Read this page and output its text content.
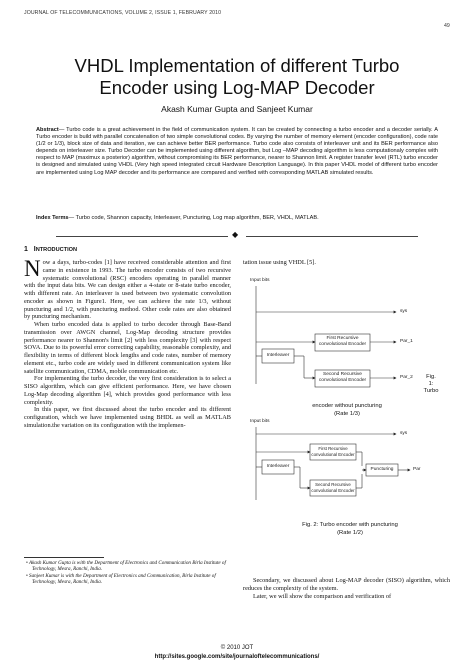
JOURNAL OF TELECOMMUNICATIONS, VOLUME 2, ISSUE 1, FEBRUARY 2010
49
VHDL Implementation of different Turbo
Encoder using Log-MAP Decoder
Akash Kumar Gupta and Sanjeet Kumar
Abstract— Turbo code is a great achievement in the field of communication system. It can be created by connecting a turbo encoder and a decoder serially. A Turbo encoder is build with parallel concatenation of two simple convolutional codes. By varying the number of memory element (encoder configuration), code rate (1/2 or 1/3), block size of data and iteration, we can achieve better BER performance. Turbo code also consists of interleaver unit and its BER performance also depends on interleaver size. Turbo Decoder can be implemented using different algorithm, but Log –MAP decoding algorithm is less computationaly complex with respect to MAP (maximux a posterior) algorithm, without compromising its BER performance, nearer to Shannon limit. A register transfer level (RTL) turbo encoder is designed and simulated using VHDL (Very high speed integrated circuit Hardware Description Language). In this paper VHDL model of different turbo encoder are implemented using Log MAP decoder and its performance are compared and verified with corresponding MATLAB simulated results.
Index Terms— Turbo code, Shannon capacity, Interleaver, Puncturing, Log map algorithm, BER, VHDL, MATLAB.
◆
1 INTRODUCTION

Now a days, turbo-codes [1] have received considerable attention and first came in existence in 1993. The turbo encoder consists of two recursive systematic convolutional (RSC) encoders operating in parallel manner with the input data bits. We can design either a 4-state or 8-state turbo encoder, with different rate. An interleaver is used between two systematic convolution encoder as shown in Figure1. Here, we can achieve the rate 1/3, without puncturing and 1/2, with puncturing method. Other code rates are also obtained by puncturing mechanism.

When turbo encoded data is applied to turbo decoder through Base-Band transmission over AWGN channel, Log-Map decoding structure provides performance nearer to Shannon's limit [2] with less complexity [3] with respect SOVA. Due to its powerful error correcting capability, reasonable complexity, and flexibility in terms of different block lengths and code rates, number of memory element etc., turbo code are widely used in different communication system like satellite communication, CDMA, mobile communication etc.

For implementing the turbo decoder, the very first consideration is to select a SISO algorithm, which can give efficient performance. Here, we have chosen Log-Map decoding algorithm [4], which provides good performance with less complexity.

In this paper, we first discussed about the turbo encoder and its different configuration, which we have implemented using BHDL as well as MATLAB simulation.the variation on its configuration with the implemen-

• Akash Kumar Gupta is with the Department of Electronics and Communication Birla Institute of Technology, Mesra, Ranchi, India.
• Sanjeet Kumar is with the Department of Electronics and Communication, Birla Institute of Technology, Mesra, Ranchi, India.
tation issue using VHDL [5].
Input bits
sys
First Recursive
convolutional Encoder
Par_1
Interleaver
Second Recursive
convolutional Encoder
Par_2	Fig.
1:
Turbo
encoder without puncturing
(Rate 1/3)
Input bits
sys
First Recursive
convolutional Encoder
Interleaver
Second Recursive
convolutional Encoder
Puncturing	Par
Fig. 2: Turbo encoder with puncturing
(Rate 1/2)

Secondary, we discussed about Log-MAP decoder (SISO) algorithm, which reduces the complexity of the system.

Later, we will show the comparison and verification of

© 2010 JOT
http://sites.google.com/site/journaloftelecommunications/
